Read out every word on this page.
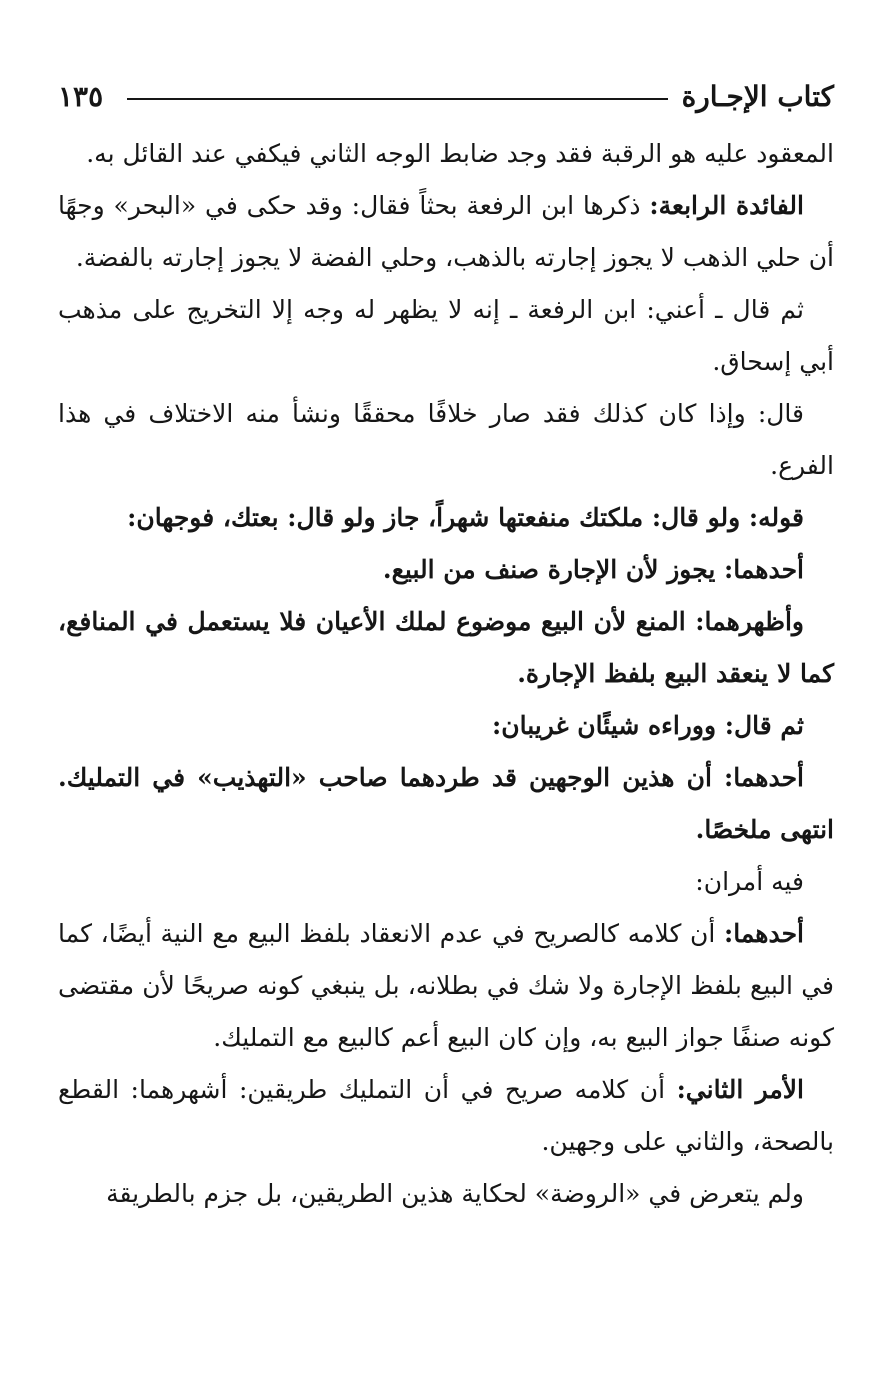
كتاب الإجـارة
١٣٥

المعقود عليه هو الرقبة فقد وجد ضابط الوجه الثاني فيكفي عند القائل به.

الفائدة الرابعة: ذكرها ابن الرفعة بحثاً فقال: وقد حكى في «البحر» وجهًا أن حلي الذهب لا يجوز إجارته بالذهب، وحلي الفضة لا يجوز إجارته بالفضة.

ثم قال ـ أعني: ابن الرفعة ـ إنه لا يظهر له وجه إلا التخريج على مذهب أبي إسحاق.

قال: وإذا كان كذلك فقد صار خلافًا محققًا ونشأ منه الاختلاف في هذا الفرع.

قوله: ولو قال: ملكتك منفعتها شهراً، جاز ولو قال: بعتك، فوجهان:

أحدهما: يجوز لأن الإجارة صنف من البيع.

وأظهرهما: المنع لأن البيع موضوع لملك الأعيان فلا يستعمل في المنافع، كما لا ينعقد البيع بلفظ الإجارة.

ثم قال: ووراءه شيئًان غريبان:

أحدهما: أن هذين الوجهين قد طردهما صاحب «التهذيب» في التمليك. انتهى ملخصًا.

فيه أمران:

أحدهما: أن كلامه كالصريح في عدم الانعقاد بلفظ البيع مع النية أيضًا، كما في البيع بلفظ الإجارة ولا شك في بطلانه، بل ينبغي كونه صريحًا لأن مقتضى كونه صنفًا جواز البيع به، وإن كان البيع أعم كالبيع مع التمليك.

الأمر الثاني: أن كلامه صريح في أن التمليك طريقين: أشهرهما: القطع بالصحة، والثاني على وجهين.

ولم يتعرض في «الروضة» لحكاية هذين الطريقين، بل جزم بالطريقة
